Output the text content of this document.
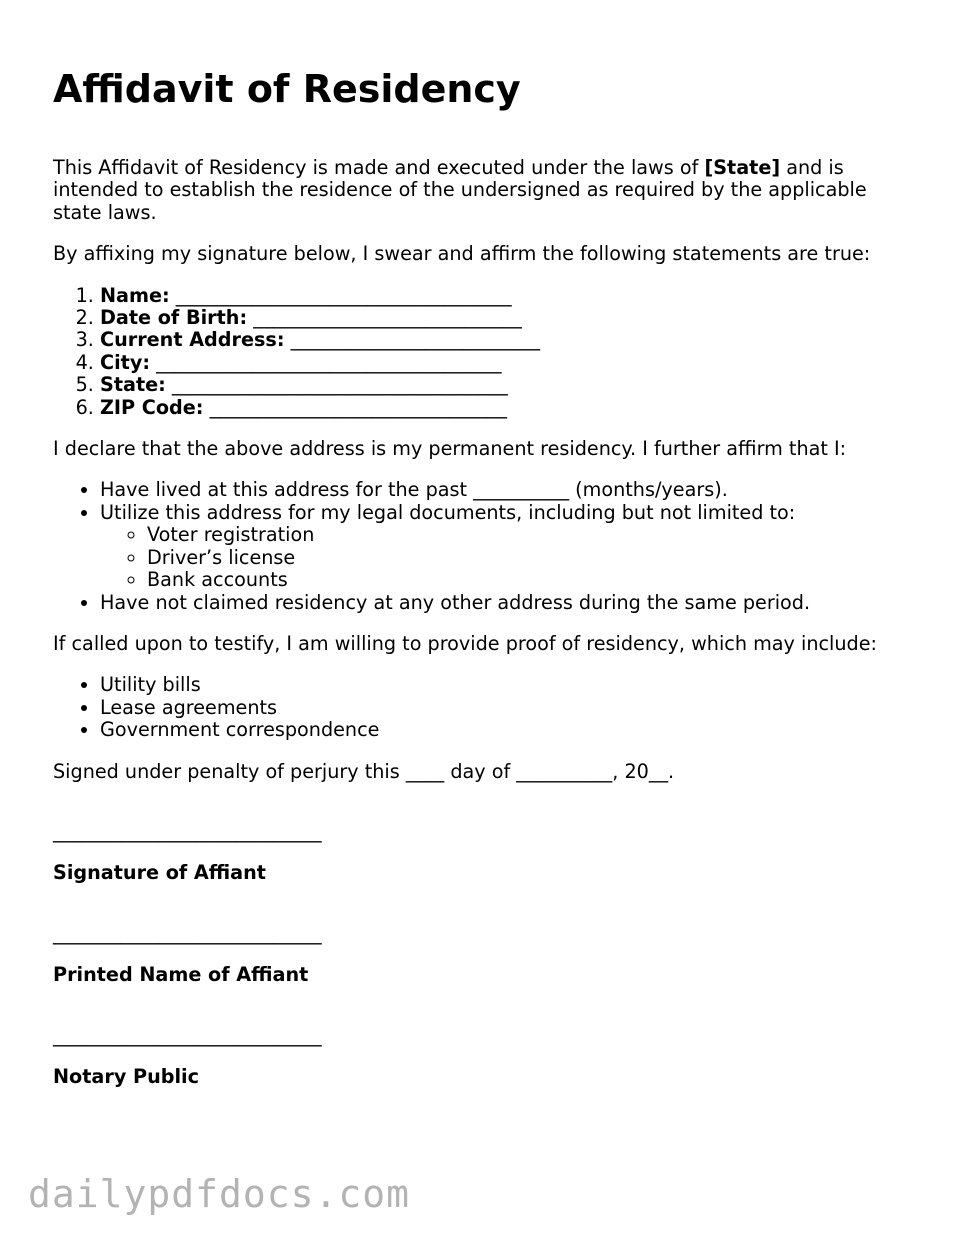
Affidavit of Residency

This Affidavit of Residency is made and executed under the laws of [State] and is intended to establish the residence of the undersigned as required by the applicable state laws.

By affixing my signature below, I swear and affirm the following statements are true:

1. Name: ___________________________________
2. Date of Birth: ____________________________
3. Current Address: __________________________
4. City: ____________________________________
5. State: ___________________________________
6. ZIP Code: _______________________________

I declare that the above address is my permanent residency. I further affirm that I:

• Have lived at this address for the past __________ (months/years).
• Utilize this address for my legal documents, including but not limited to:
◦ Voter registration
◦ Driver’s license
◦ Bank accounts
• Have not claimed residency at any other address during the same period.

If called upon to testify, I am willing to provide proof of residency, which may include:

• Utility bills
• Lease agreements
• Government correspondence

Signed under penalty of perjury this ____ day of __________, 20__.

____________________________
Signature of Affiant
____________________________
Printed Name of Affiant
____________________________
Notary Public
dailypdfdocs.com
